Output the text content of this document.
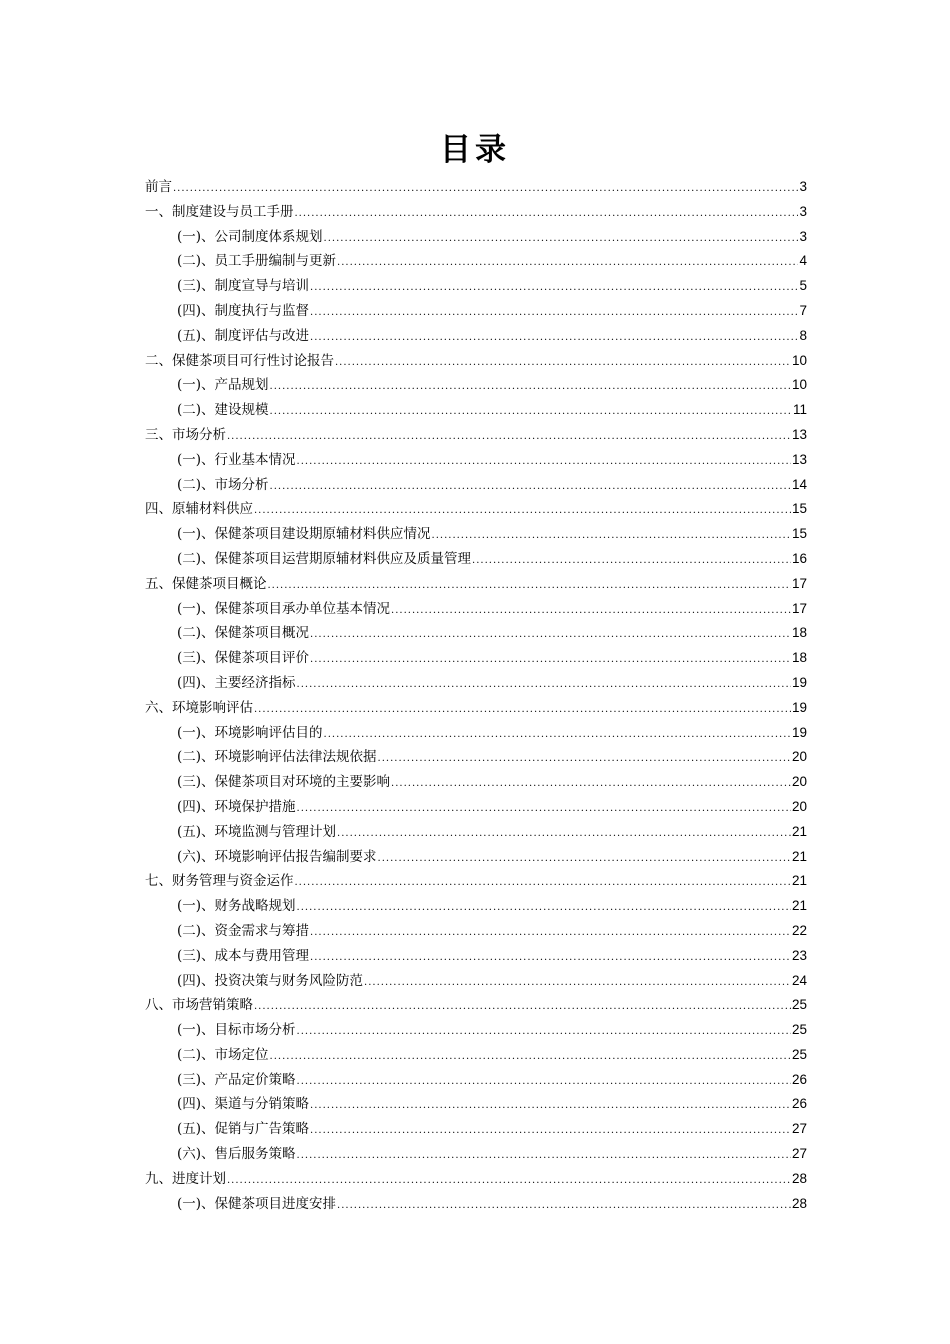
目录
前言 .....	3
一、制度建设与员工手册 .....	3
(一)、公司制度体系规划 .....	3
(二)、员工手册编制与更新 .....	4
(三)、制度宣导与培训 .....	5
(四)、制度执行与监督 .....	7
(五)、制度评估与改进 .....	8
二、保健茶项目可行性讨论报告 .....	10
(一)、产品规划 .....	10
(二)、建设规模 .....	11
三、市场分析 .....	13
(一)、行业基本情况 .....	13
(二)、市场分析 .....	14
四、原辅材料供应 .....	15
(一)、保健茶项目建设期原辅材料供应情况 .....	15
(二)、保健茶项目运营期原辅材料供应及质量管理 .....	16
五、保健茶项目概论 .....	17
(一)、保健茶项目承办单位基本情况 .....	17
(二)、保健茶项目概况 .....	18
(三)、保健茶项目评价 .....	18
(四)、主要经济指标 .....	19
六、环境影响评估 .....	19
(一)、环境影响评估目的 .....	19
(二)、环境影响评估法律法规依据 .....	20
(三)、保健茶项目对环境的主要影响 .....	20
(四)、环境保护措施 .....	20
(五)、环境监测与管理计划 .....	21
(六)、环境影响评估报告编制要求 .....	21
七、财务管理与资金运作 .....	21
(一)、财务战略规划 .....	21
(二)、资金需求与筹措 .....	22
(三)、成本与费用管理 .....	23
(四)、投资决策与财务风险防范 .....	24
八、市场营销策略 .....	25
(一)、目标市场分析 .....	25
(二)、市场定位 .....	25
(三)、产品定价策略 .....	26
(四)、渠道与分销策略 .....	26
(五)、促销与广告策略 .....	27
(六)、售后服务策略 .....	27
九、进度计划 .....	28
(一)、保健茶项目进度安排 .....	28
